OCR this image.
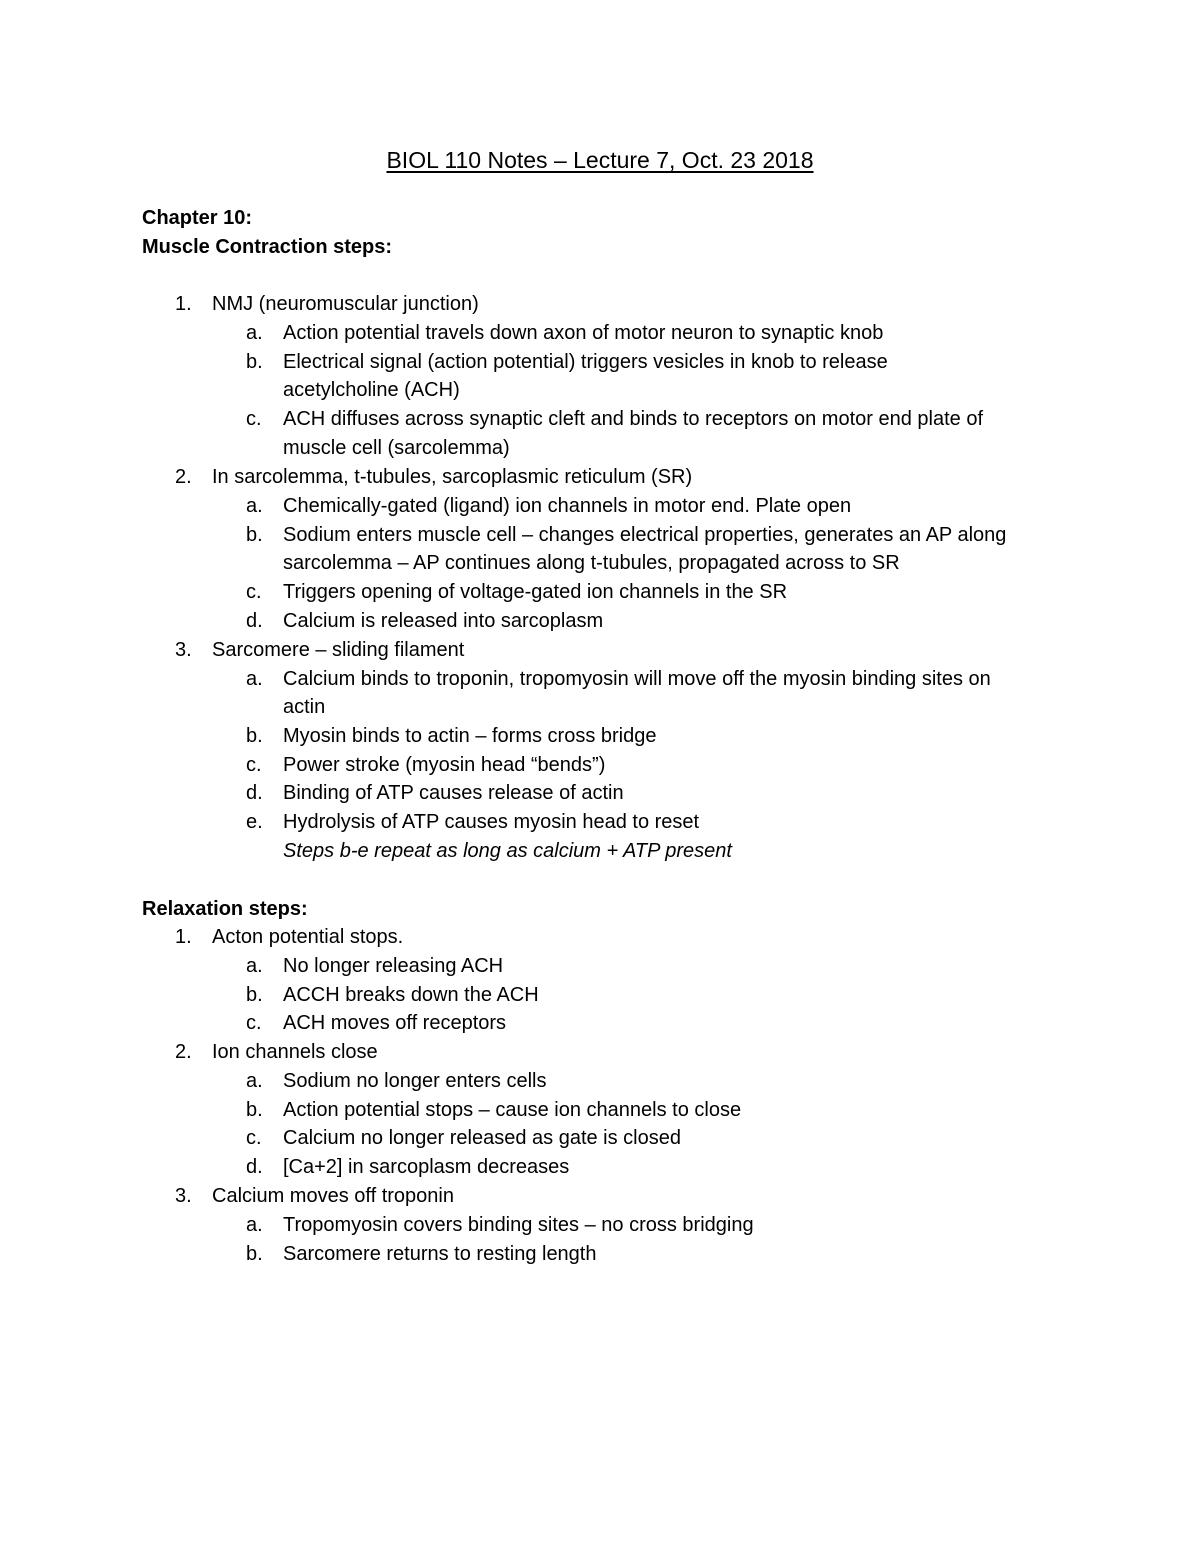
BIOL 110 Notes – Lecture 7, Oct. 23 2018
Chapter 10:
Muscle Contraction steps:
1.	NMJ (neuromuscular junction)
a.	Action potential travels down axon of motor neuron to synaptic knob
b.	Electrical signal (action potential) triggers vesicles in knob to release
acetylcholine (ACH)
c.	ACH diffuses across synaptic cleft and binds to receptors on motor end plate of
muscle cell (sarcolemma)
2.	In sarcolemma, t-tubules, sarcoplasmic reticulum (SR)
a.	Chemically-gated (ligand) ion channels in motor end. Plate open
b.	Sodium enters muscle cell – changes electrical properties, generates an AP along
sarcolemma – AP continues along t-tubules, propagated across to SR
c.	Triggers opening of voltage-gated ion channels in the SR
d.	Calcium is released into sarcoplasm
3.	Sarcomere – sliding filament
a.	Calcium binds to troponin, tropomyosin will move off the myosin binding sites on
actin
b.	Myosin binds to actin – forms cross bridge
c.	Power stroke (myosin head “bends”)
d.	Binding of ATP causes release of actin
e.	Hydrolysis of ATP causes myosin head to reset
Steps b-e repeat as long as calcium + ATP present
Relaxation steps:
1.	Acton potential stops.
a.	No longer releasing ACH
b.	ACCH breaks down the ACH
c.	ACH moves off receptors
2.	Ion channels close
a.	Sodium no longer enters cells
b.	Action potential stops – cause ion channels to close
c.	Calcium no longer released as gate is closed
d.	[Ca+2] in sarcoplasm decreases
3.	Calcium moves off troponin
a.	Tropomyosin covers binding sites – no cross bridging
b.	Sarcomere returns to resting length
